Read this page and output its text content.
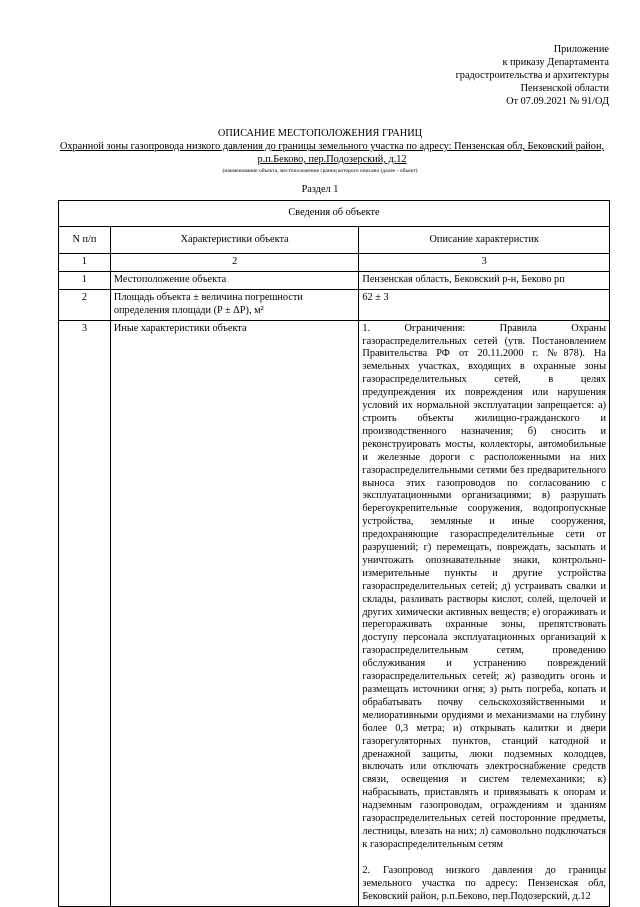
Приложение
к приказу Департамента
градостроительства и архитектуры
Пензенской области
От 07.09.2021 № 91/ОД
ОПИСАНИЕ МЕСТОПОЛОЖЕНИЯ ГРАНИЦ
Охранной зоны газопровода низкого давления до границы земельного участка по адресу: Пензенская обл, Бековский район, р.п.Беково, пер.Подозерский, д.12
(наименование объекта, местоположение границ которого описано (далее - объект)
Раздел 1
Сведения об объекте		
N п/п	Характеристики объекта	Описание характеристик
1	2	3
1	Местоположение объекта	Пензенская область, Бековский р-н, Беково рп
2	Площадь объекта ± величина погрешности определения площади (P ± ΔP), м²	62 ± 3
3	Иные характеристики объекта	1. Ограничения: Правила Охраны газораспределительных сетей (утв. Постановлением Правительства РФ от 20.11.2000 г. №878). На земельных участках, входящих в охранные зоны газораспределительных сетей, в целях предупреждения их повреждения или нарушения условий их нормальной эксплуатации запрещается: а) строить объекты жилищно-гражданского и производственного назначения; б) сносить и реконструировать мосты, коллекторы, автомобильные и железные дороги с расположенными на них газораспределительными сетями без предварительного выноса этих газопроводов по согласованию с эксплуатационными организациями; в) разрушать берегоукрепительные сооружения, водопропускные устройства, земляные и иные сооружения, предохраняющие газораспределительные сети от разрушений; г) перемещать, повреждать, засыпать и уничтожать опознавательные знаки, контрольно-измерительные пункты и другие устройства газораспределительных сетей; д) устраивать свалки и склады, разливать растворы кислот, солей, щелочей и других химически активных веществ; е) огораживать и перегораживать охранные зоны, препятствовать доступу персонала эксплуатационных организаций к газораспределительным сетям, проведению обслуживания и устранению повреждений газораспределительных сетей; ж) разводить огонь и размещать источники огня; з) рыть погреба, копать и обрабатывать почву сельскохозяйственными и мелиоративными орудиями и механизмами на глубину более 0,3 метра; и) открывать калитки и двери газорегуляторных пунктов, станций катодной и дренажной защиты, люки подземных колодцев, включать или отключать электроснабжение средств связи, освещения и систем телемеханики; к) набрасывать, приставлять и привязывать к опорам и надземным газопроводам, ограждениям и зданиям газораспределительных сетей посторонние предметы, лестницы, влезать на них; л) самовольно подключаться к газораспределительным сетям
2. Газопровод низкого давления до границы земельного участка по адресу: Пензенская обл, Бековский район, р.п.Беково, пер.Подозерский, д.12
